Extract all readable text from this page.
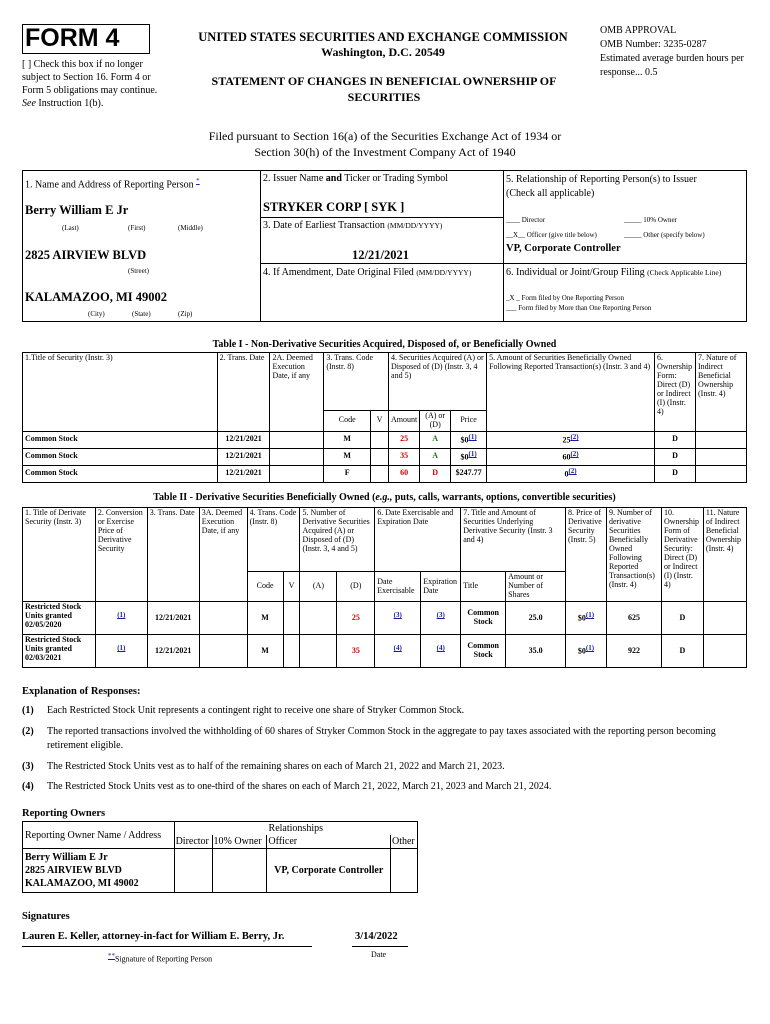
FORM 4
[ ] Check this box if no longer subject to Section 16. Form 4 or Form 5 obligations may continue. See Instruction 1(b).
UNITED STATES SECURITIES AND EXCHANGE COMMISSION
Washington, D.C. 20549
STATEMENT OF CHANGES IN BENEFICIAL OWNERSHIP OF SECURITIES
OMB APPROVAL
OMB Number: 3235-0287
Estimated average burden hours per response... 0.5
Filed pursuant to Section 16(a) of the Securities Exchange Act of 1934 or
Section 30(h) of the Investment Company Act of 1940
1. Name and Address of Reporting Person *
Berry William E Jr
(Last)	(First)	(Middle)
2825 AIRVIEW BLVD
(Street)
KALAMAZOO, MI 49002
(City)	(State)	(Zip)
2. Issuer Name and Ticker or Trading Symbol
STRYKER CORP [ SYK ]
3. Date of Earliest Transaction (MM/DD/YYYY)
12/21/2021
4. If Amendment, Date Original Filed (MM/DD/YYYY)
5. Relationship of Reporting Person(s) to Issuer
(Check all applicable)
____ Director	_____ 10% Owner
__X__ Officer (give title below)	_____ Other (specify below)
VP, Corporate Controller
6. Individual or Joint/Group Filing (Check Applicable Line)
_X _ Form filed by One Reporting Person
___ Form filed by More than One Reporting Person
Table I - Non-Derivative Securities Acquired, Disposed of, or Beneficially Owned
1.Title of Security (Instr. 3)	2. Trans. Date	2A. Deemed Execution Date, if any	3. Trans. Code (Instr. 8)		4. Securities Acquired (A) or Disposed of (D) (Instr. 3, 4 and 5)			5. Amount of Securities Beneficially Owned Following Reported Transaction(s) (Instr. 3 and 4)	6. Ownership Form: Direct (D) or Indirect (I) (Instr. 4)	7. Nature of Indirect Beneficial Ownership (Instr. 4)
			Code	V	Amount	(A) or (D)	Price			
Common Stock	12/21/2021		M		25	A	$0(1)	25(2)	D	
Common Stock	12/21/2021		M		35	A	$0(1)	60(2)	D	
Common Stock	12/21/2021		F		60	D	$247.77	0(2)	D	
Table II - Derivative Securities Beneficially Owned (e.g., puts, calls, warrants, options, convertible securities)
1. Title of Derivate Security (Instr. 3)	2. Conversion or Exercise Price of Derivative Security	3. Trans. Date	3A. Deemed Execution Date, if any	4. Trans. Code (Instr. 8)		5. Number of Derivative Securities Acquired (A) or Disposed of (D) (Instr. 3, 4 and 5)		6. Date Exercisable and Expiration Date		7. Title and Amount of Securities Underlying Derivative Security (Instr. 3 and 4)		8. Price of Derivative Security (Instr. 5)	9. Number of derivative Securities Beneficially Owned Following Reported Transaction(s) (Instr. 4)	10. Ownership Form of Derivative Security: Direct (D) or Indirect (I) (Instr. 4)	11. Nature of Indirect Beneficial Ownership (Instr. 4)
				Code	V	(A)	(D)	Date Exercisable	Expiration Date	Title	Amount or Number of Shares				
Restricted Stock Units granted 02/05/2020	(1)	12/21/2021		M			25	(3)	(3)	Common Stock	25.0	$0(1)	625	D	
Restricted Stock Units granted 02/03/2021	(1)	12/21/2021		M			35	(4)	(4)	Common Stock	35.0	$0(1)	922	D	
Explanation of Responses:
(1)	Each Restricted Stock Unit represents a contingent right to receive one share of Stryker Common Stock.
(2)	The reported transactions involved the withholding of 60 shares of Stryker Common Stock in the aggregate to pay taxes associated with the reporting person becoming retirement eligible.
(3)	The Restricted Stock Units vest as to half of the remaining shares on each of March 21, 2022 and March 21, 2023.
(4)	The Restricted Stock Units vest as to one-third of the shares on each of March 21, 2022, March 21, 2023 and March 21, 2024.
Reporting Owners
Reporting Owner Name / Address	Relationships			
	Director	10% Owner	Officer	Other

Berry William E Jr
2825 AIRVIEW BLVD
KALAMAZOO, MI 49002			VP, Corporate Controller	
Signatures
Lauren E. Keller, attorney-in-fact for William E. Berry, Jr.	3/14/2022
**Signature of Reporting Person
Date
